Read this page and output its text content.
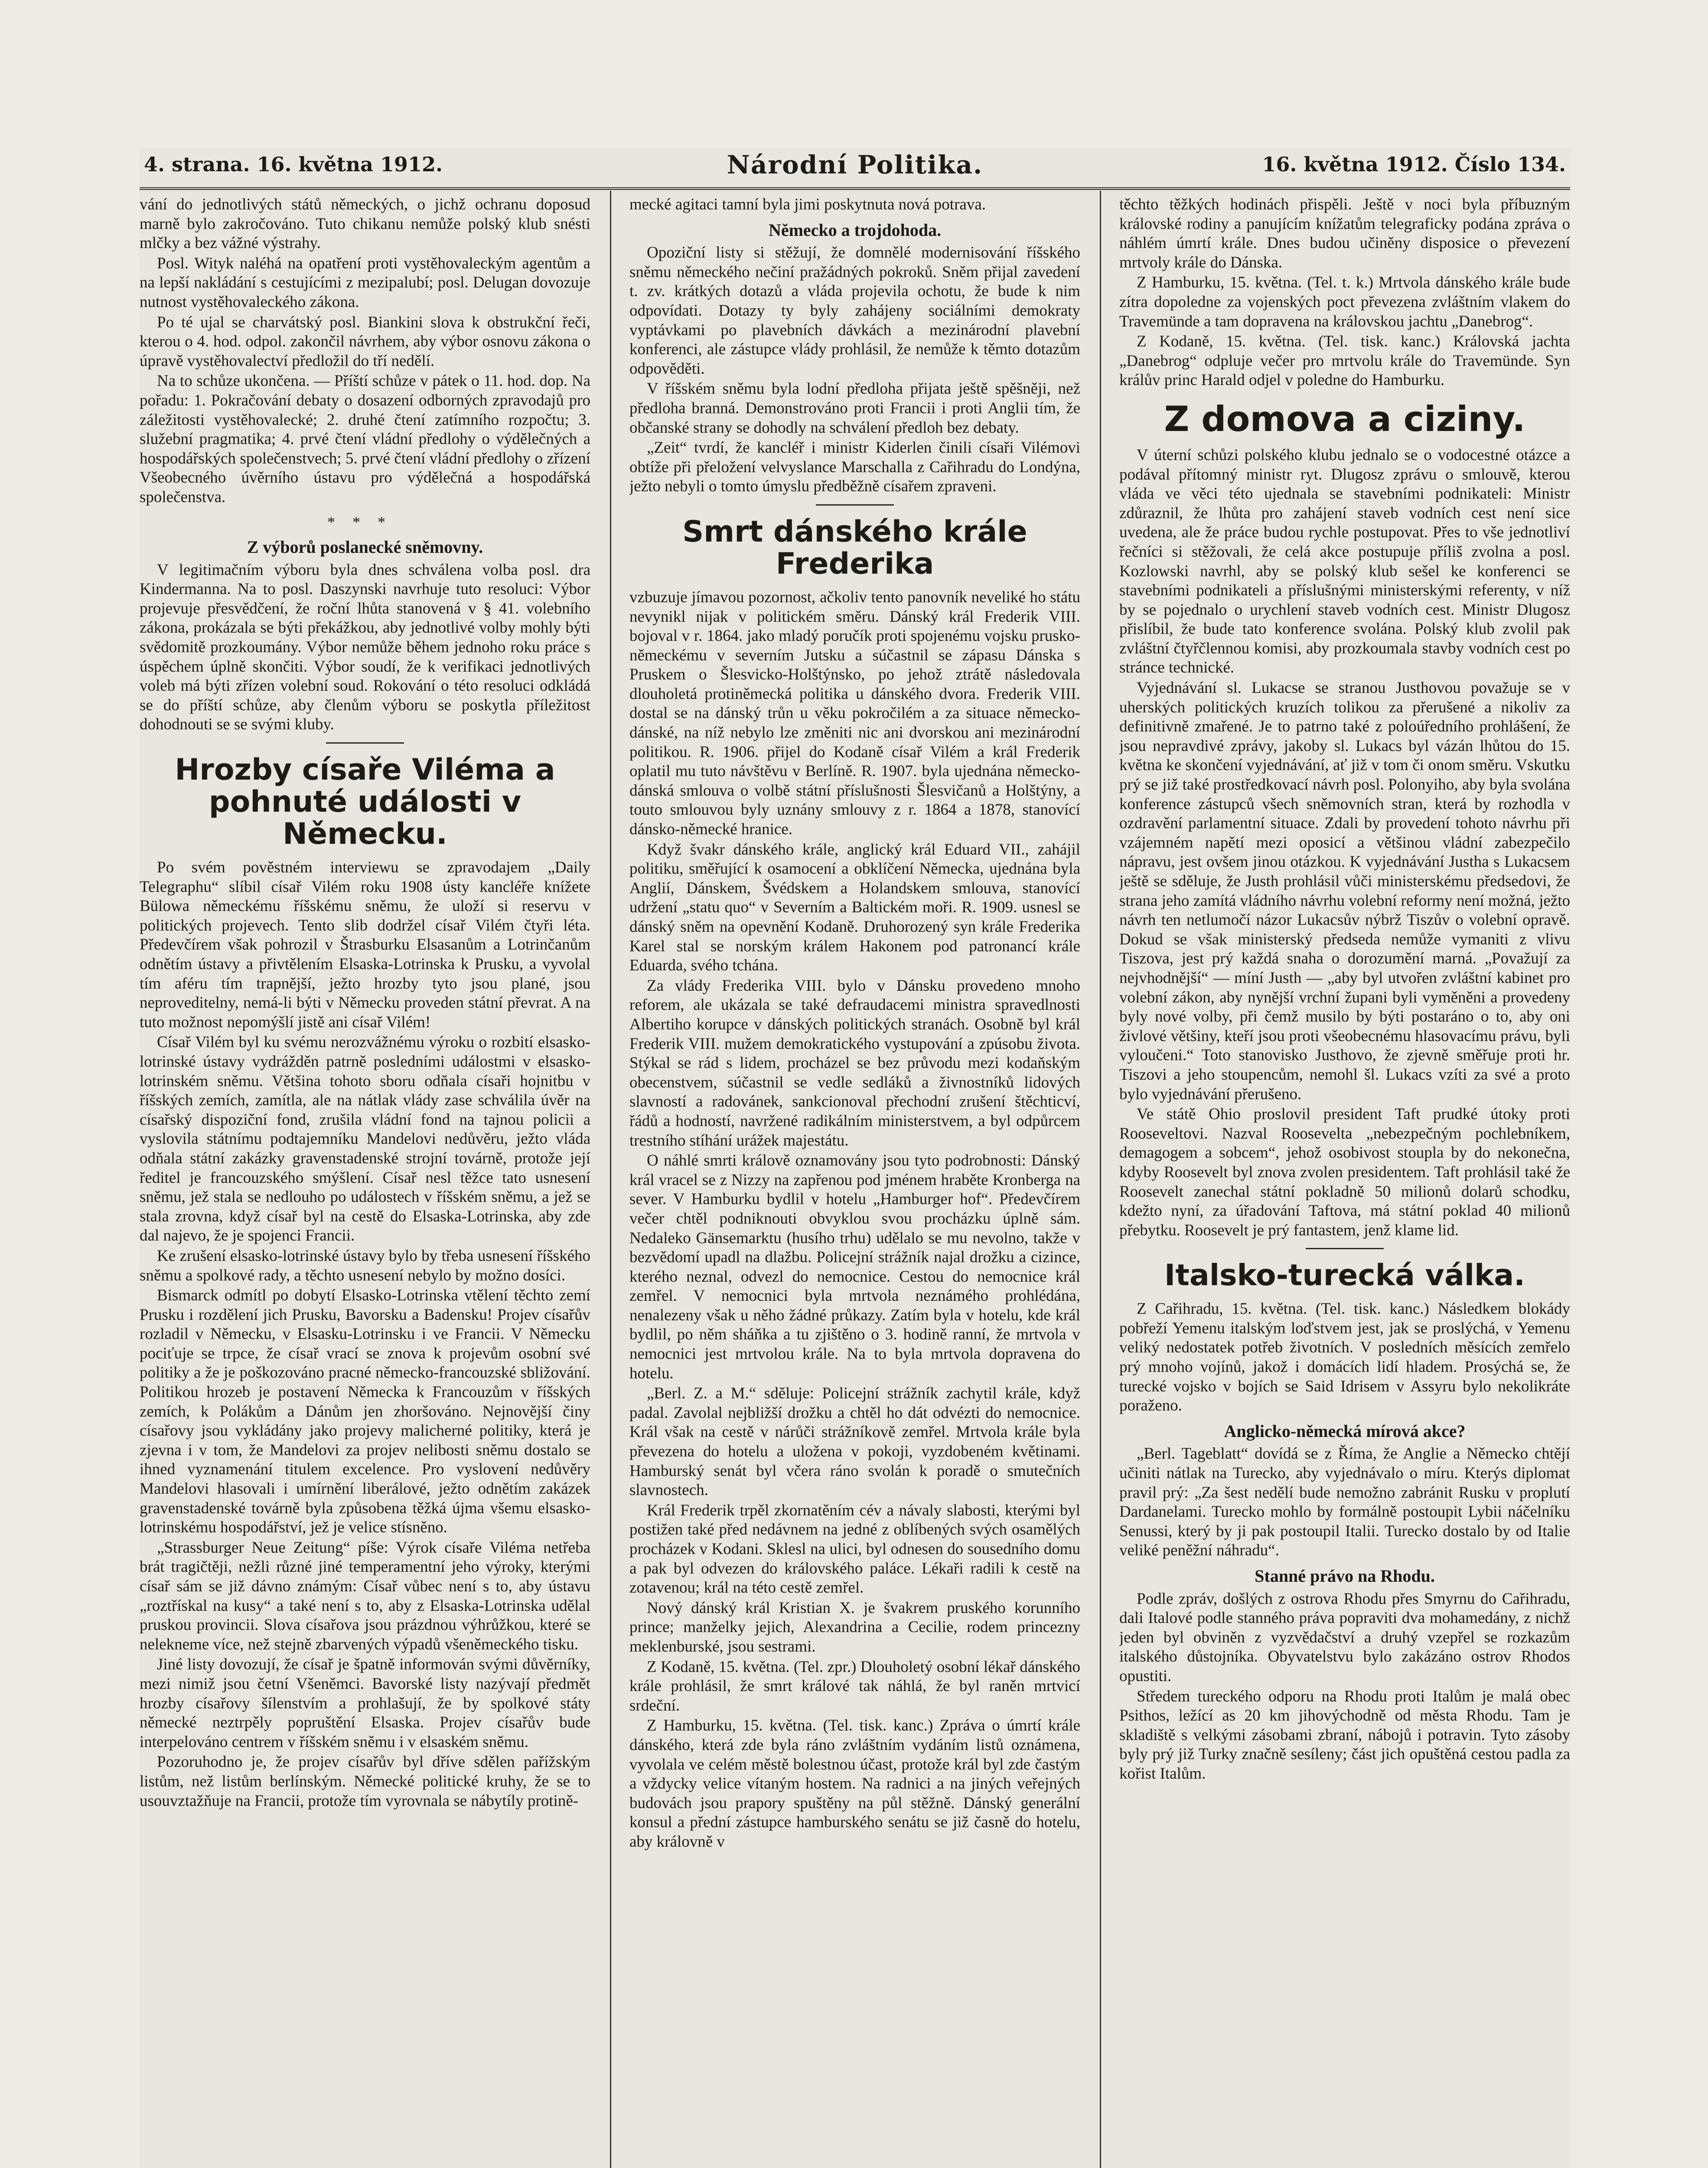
4. strana. 16. května 1912.	Národní Politika.	16. května 1912. Číslo 134.

vání do jednotlivých států německých, o jichž ochranu doposud marně bylo zakročováno. Tuto chikanu nemůže polský klub snésti mlčky a bez vážné výstrahy.

Posl. Wityk naléhá na opatření proti vystěhovaleckým agentům a na lepší nakládání s cestujícími z mezipalubí; posl. Delugan dovozuje nutnost vystěhovaleckého zákona.

Po té ujal se charvátský posl. Biankini slova k obstrukční řeči, kterou o 4. hod. odpol. zakončil návrhem, aby výbor osnovu zákona o úpravě vystěhovalectví předložil do tří nedělí.

Na to schůze ukončena. — Příští schůze v pátek o 11. hod. dop. Na pořadu: 1. Pokračování debaty o dosazení odborných zpravodajů pro záležitosti vystěhovalecké; 2. druhé čtení zatímního rozpočtu; 3. služební pragmatika; 4. prvé čtení vládní předlohy o výdělečných a hospodářských společenstvech; 5. prvé čtení vládní předlohy o zřízení Všeobecného úvěrního ústavu pro výdělečná a hospodářská společenstva.

***
Z výborů poslanecké sněmovny.

V legitimačním výboru byla dnes schválena volba posl. dra Kindermanna. Na to posl. Daszynski navrhuje tuto resoluci: Výbor projevuje přesvědčení, že roční lhůta stanovená v § 41. volebního zákona, prokázala se býti překážkou, aby jednotlivé volby mohly býti svědomitě prozkoumány. Výbor nemůže během jednoho roku práce s úspěchem úplně skončiti. Výbor soudí, že k verifikaci jednotlivých voleb má býti zřízen volební soud. Rokování o této resoluci odkládá se do příští schůze, aby členům výboru se poskytla příležitost dohodnouti se se svými kluby.

Hrozby císaře Viléma a pohnuté události v Německu.

Po svém pověstném interviewu se zpravodajem „Daily Telegraphu“ slíbil císař Vilém roku 1908 ústy kancléře knížete Bülowa německému říšskému sněmu, že uloží si reservu v politických projevech. Tento slib dodržel císař Vilém čtyři léta. Předevčírem však pohrozil v Štrasburku Elsasanům a Lotrinčanům odnětím ústavy a přivtělením Elsaska-Lotrinska k Prusku, a vyvolal tím aféru tím trapnější, ježto hrozby tyto jsou plané, jsou neproveditelny, nemá-li býti v Německu proveden státní převrat. A na tuto možnost nepomýšlí jistě ani císař Vilém!

Císař Vilém byl ku svému nerozvážnému výroku o rozbití elsasko-lotrinské ústavy vydrážděn patrně posledními událostmi v elsasko-lotrinském sněmu. Většina tohoto sboru odňala císaři hojnitbu v říšských zemích, zamítla, ale na nátlak vlády zase schválila úvěr na císařský dispoziční fond, zrušila vládní fond na tajnou policii a vyslovila státnímu podtajemníku Mandelovi nedůvěru, ježto vláda odňala státní zakázky gravenstadenské strojní továrně, protože její ředitel je francouzského smýšlení. Císař nesl těžce tato usnesení sněmu, jež stala se nedlouho po událostech v říšském sněmu, a jež se stala zrovna, když císař byl na cestě do Elsaska-Lotrinska, aby zde dal najevo, že je spojenci Francii.

Ke zrušení elsasko-lotrinské ústavy bylo by třeba usnesení říšského sněmu a spolkové rady, a těchto usnesení nebylo by možno dosíci.

Bismarck odmítl po dobytí Elsasko-Lotrinska vtělení těchto zemí Prusku i rozdělení jich Prusku, Bavorsku a Badensku! Projev císařův rozladil v Německu, v Elsasku-Lotrinsku i ve Francii. V Německu pociťuje se trpce, že císař vrací se znova k projevům osobní své politiky a že je poškozováno pracné německo-francouzské sbližování. Politikou hrozeb je postavení Německa k Francouzům v říšských zemích, k Polákům a Dánům jen zhoršováno. Nejnovější činy císařovy jsou vykládány jako projevy malicherné politiky, která je zjevna i v tom, že Mandelovi za projev nelibosti sněmu dostalo se ihned vyznamenání titulem excelence. Pro vyslovení nedůvěry Mandelovi hlasovali i umírnění liberálové, ježto odnětím zakázek gravenstadenské továrně byla způsobena těžká újma všemu elsasko-lotrinskému hospodářství, jež je velice stísněno.

„Strassburger Neue Zeitung“ píše: Výrok císaře Viléma netřeba brát tragičtěji, nežli různé jiné temperamentní jeho výroky, kterými císař sám se již dávno známým: Císař vůbec není s to, aby ústavu „roztřískal na kusy“ a také není s to, aby z Elsaska-Lotrinska udělal pruskou provincii. Slova císařova jsou prázdnou výhrůžkou, které se nelekneme více, než stejně zbarvených výpadů všeněmeckého tisku.

Jiné listy dovozují, že císař je špatně informován svými důvěrníky, mezi nimiž jsou četní Všeněmci. Bavorské listy nazývají předmět hrozby císařovy šílenstvím a prohlašují, že by spolkové státy německé neztrpěly popruštění Elsaska. Projev císařův bude interpelováno centrem v říšském sněmu i v elsaském sněmu.

Pozoruhodno je, že projev císařův byl dříve sdělen pařížským listům, než listům berlínským. Německé politické kruhy, že se to usouvztažňuje na Francii, protože tím vyrovnala se nábytíly protině-

mecké agitaci tamní byla jimi poskytnuta nová potrava.

Německo a trojdohoda.

Opoziční listy si stěžují, že domnělé modernisování říšského sněmu německého nečiní pražádných pokroků. Sněm přijal zavedení t. zv. krátkých dotazů a vláda projevila ochotu, že bude k nim odpovídati. Dotazy ty byly zahájeny sociálními demokraty vyptávkami po plavebních dávkách a mezinárodní plavební konferenci, ale zástupce vlády prohlásil, že nemůže k těmto dotazům odpověděti.

V říšském sněmu byla lodní předloha přijata ještě spěšněji, než předloha branná. Demonstrováno proti Francii i proti Anglii tím, že občanské strany se dohodly na schválení předloh bez debaty.

„Zeit“ tvrdí, že kancléř i ministr Kiderlen činili císaři Vilémovi obtíže při přeložení velvyslance Marschalla z Cařihradu do Londýna, ježto nebyli o tomto úmyslu předběžně císařem zpraveni.

Smrt dánského krále Frederika

vzbuzuje jímavou pozornost, ačkoliv tento panovník neveliké ho státu nevynikl nijak v politickém směru. Dánský král Frederik VIII. bojoval v r. 1864. jako mladý poručík proti spojenému vojsku prusko-německému v severním Jutsku a súčastnil se zápasu Dánska s Pruskem o Šlesvicko-Holštýnsko, po jehož ztrátě následovala dlouholetá protiněmecká politika u dánského dvora. Frederik VIII. dostal se na dánský trůn u věku pokročilém a za situace německo-dánské, na níž nebylo lze změniti nic ani dvorskou ani mezinárodní politikou. R. 1906. přijel do Kodaně císař Vilém a král Frederik oplatil mu tuto návštěvu v Berlíně. R. 1907. byla ujednána německo-dánská smlouva o volbě státní příslušnosti Šlesvičanů a Holštýny, a touto smlouvou byly uznány smlouvy z r. 1864 a 1878, stanovící dánsko-německé hranice.

Když švakr dánského krále, anglický král Eduard VII., zahájil politiku, směřující k osamocení a obklíčení Německa, ujednána byla Anglií, Dánskem, Švédskem a Holandskem smlouva, stanovící udržení „statu quo“ v Severním a Baltickém moři. R. 1909. usnesl se dánský sněm na opevnění Kodaně. Druhorozený syn krále Frederika Karel stal se norským králem Hakonem pod patronancí krále Eduarda, svého tchána.

Za vlády Frederika VIII. bylo v Dánsku provedeno mnoho reforem, ale ukázala se také defraudacemi ministra spravedlnosti Albertiho korupce v dánských politických stranách. Osobně byl král Frederik VIII. mužem demokratického vystupování a zpúsobu života. Stýkal se rád s lidem, procházel se bez průvodu mezi kodaňským obecenstvem, súčastnil se vedle sedláků a živnostníků lidových slavností a radovánek, sankcionoval přechodní zrušení štěchticví, řádů a hodností, navržené radikálním ministerstvem, a byl odpůrcem trestního stíhání urážek majestátu.

O náhlé smrti králově oznamovány jsou tyto podrobnosti: Dánský král vracel se z Nizzy na zapřenou pod jménem hraběte Kronberga na sever. V Hamburku bydlil v hotelu „Hamburger hof“. Předevčírem večer chtěl podniknouti obvyklou svou procházku úplně sám. Nedaleko Gänsemarktu (husího trhu) udělalo se mu nevolno, takže v bezvědomí upadl na dlažbu. Policejní strážník najal drožku a cizince, kterého neznal, odvezl do nemocnice. Cestou do nemocnice král zemřel. V nemocnici byla mrtvola neznámého prohlédána, nenalezeny však u něho žádné průkazy. Zatím byla v hotelu, kde král bydlil, po něm sháňka a tu zjištěno o 3. hodině ranní, že mrtvola v nemocnici jest mrtvolou krále. Na to byla mrtvola dopravena do hotelu.

„Berl. Z. a M.“ sděluje: Policejní strážník zachytil krále, když padal. Zavolal nejbližší drožku a chtěl ho dát odvézti do nemocnice. Král však na cestě v nárůči strážníkově zemřel. Mrtvola krále byla převezena do hotelu a uložena v pokoji, vyzdobeném květinami. Hamburský senát byl včera ráno svolán k poradě o smutečních slavnostech.

Král Frederik trpěl zkornatěním cév a návaly slabosti, kterými byl postižen také před nedávnem na jedné z oblíbených svých osamělých procházek v Kodani. Sklesl na ulici, byl odnesen do sousedního domu a pak byl odvezen do královského paláce. Lékaři radili k cestě na zotavenou; král na této cestě zemřel.

Nový dánský král Kristian X. je švakrem pruského korunního prince; manželky jejich, Alexandrina a Cecilie, rodem princezny meklenburské, jsou sestrami.

Z Kodaně, 15. května. (Tel. zpr.) Dlouholetý osobní lékař dánského krále prohlásil, že smrt králové tak náhlá, že byl raněn mrtvicí srdeční.

Z Hamburku, 15. května. (Tel. tisk. kanc.) Zpráva o úmrtí krále dánského, která zde byla ráno zvláštním vydáním listů oznámena, vyvolala ve celém městě bolestnou účast, protože král byl zde častým a vždycky velice vítaným hostem. Na radnici a na jiných veřejných budovách jsou prapory spuštěny na půl stěžně. Dánský generální konsul a přední zástupce hamburského senátu se již časně do hotelu, aby královně v

těchto těžkých hodinách přispěli. Ještě v noci byla příbuzným královské rodiny a panujícím knížatům telegraficky podána zpráva o náhlém úmrtí krále. Dnes budou učiněny disposice o převezení mrtvoly krále do Dánska.

Z Hamburku, 15. května. (Tel. t. k.) Mrtvola dánského krále bude zítra dopoledne za vojenských poct převezena zvláštním vlakem do Travemünde a tam dopravena na královskou jachtu „Danebrog“.

Z Kodaně, 15. května. (Tel. tisk. kanc.) Královská jachta „Danebrog“ odpluje večer pro mrtvolu krále do Travemünde. Syn králův princ Harald odjel v poledne do Hamburku.

Z domova a ciziny.

V úterní schůzi polského klubu jednalo se o vodocestné otázce a podával přítomný ministr ryt. Dlugosz zprávu o smlouvě, kterou vláda ve věci této ujednala se stavebními podnikateli: Ministr zdůraznil, že lhůta pro zahájení staveb vodních cest není sice uvedena, ale že práce budou rychle postupovat. Přes to vše jednotliví řečníci si stěžovali, že celá akce postupuje příliš zvolna a posl. Kozlowski navrhl, aby se polský klub sešel ke konferenci se stavebními podnikateli a příslušnými ministerskými referenty, v níž by se pojednalo o urychlení staveb vodních cest. Ministr Dlugosz přislíbil, že bude tato konference svolána. Polský klub zvolil pak zvláštní čtyřčlennou komisi, aby prozkoumala stavby vodních cest po stránce technické.

Vyjednávání sl. Lukacse se stranou Justhovou považuje se v uherských politických kruzích tolikou za přerušené a nikoliv za definitivně zmařené. Je to patrno také z poloúředního prohlášení, že jsou nepravdivé zprávy, jakoby sl. Lukacs byl vázán lhůtou do 15. května ke skončení vyjednávání, ať již v tom či onom směru. Vskutku prý se již také prostředkovací návrh posl. Polonyiho, aby byla svolána konference zástupců všech sněmovních stran, která by rozhodla v ozdravění parlamentní situace. Zdali by provedení tohoto návrhu při vzájemném napětí mezi oposicí a většinou vládní zabezpečilo nápravu, jest ovšem jinou otázkou. K vyjednávání Justha s Lukacsem ještě se sděluje, že Justh prohlásil vůči ministerskému předsedovi, že strana jeho zamítá vládního návrhu volební reformy není možná, ježto návrh ten netlumočí názor Lukacsův nýbrž Tiszův o volební opravě. Dokud se však ministerský předseda nemůže vymaniti z vlivu Tiszova, jest prý každá snaha o dorozumění marná. „Považují za nejvhodnější“ — míní Justh — „aby byl utvořen zvláštní kabinet pro volební zákon, aby nynější vrchní župani byli vyměněni a provedeny byly nové volby, při čemž musilo by býti postaráno o to, aby oni živlové většiny, kteří jsou proti všeobecnému hlasovacímu právu, byli vyloučeni.“ Toto stanovisko Justhovo, že zjevně směřuje proti hr. Tiszovi a jeho stoupencům, nemohl šl. Lukacs vzíti za své a proto bylo vyjednávání přerušeno.

Ve státě Ohio proslovil president Taft prudké útoky proti Rooseveltovi. Nazval Roosevelta „nebezpečným pochlebníkem, demagogem a sobcem“, jehož osobivost stoupla by do nekonečna, kdyby Roosevelt byl znova zvolen presidentem. Taft prohlásil také že Roosevelt zanechal státní pokladně 50 milionů dolarů schodku, kdežto nyní, za úřadování Taftova, má státní poklad 40 milionů přebytku. Roosevelt je prý fantastem, jenž klame lid.

Italsko-turecká válka.

Z Cařihradu, 15. května. (Tel. tisk. kanc.) Následkem blokády pobřeží Yemenu italským loďstvem jest, jak se proslýchá, v Yemenu veliký nedostatek potřeb životních. V posledních měsících zemřelo prý mnoho vojínů, jakož i domácích lidí hladem. Prosýchá se, že turecké vojsko v bojích se Said Idrisem v Assyru bylo nekolikráte poraženo.

Anglicko-německá mírová akce?

„Berl. Tageblatt“ dovídá se z Říma, že Anglie a Německo chtějí učiniti nátlak na Turecko, aby vyjednávalo o míru. Kterýs diplomat pravil prý: „Za šest nedělí bude nemožno zabránit Rusku v proplutí Dardanelami. Turecko mohlo by formálně postoupit Lybii náčelníku Senussi, který by ji pak postoupil Italii. Turecko dostalo by od Italie veliké peněžní náhradu“.

Stanné právo na Rhodu.

Podle zpráv, došlých z ostrova Rhodu přes Smyrnu do Cařihradu, dali Italové podle stanného práva popraviti dva mohamedány, z nichž jeden byl obviněn z vyzvědačství a druhý vzepřel se rozkazům italského důstojníka. Obyvatelstvu bylo zakázáno ostrov Rhodos opustiti.

Středem tureckého odporu na Rhodu proti Italům je malá obec Psithos, ležící as 20 km jihovýchodně od města Rhodu. Tam je skladiště s velkými zásobami zbraní, nábojů i potravin. Tyto zásoby byly prý již Turky značně sesíleny; část jich opuštěná cestou padla za kořist Italům.
